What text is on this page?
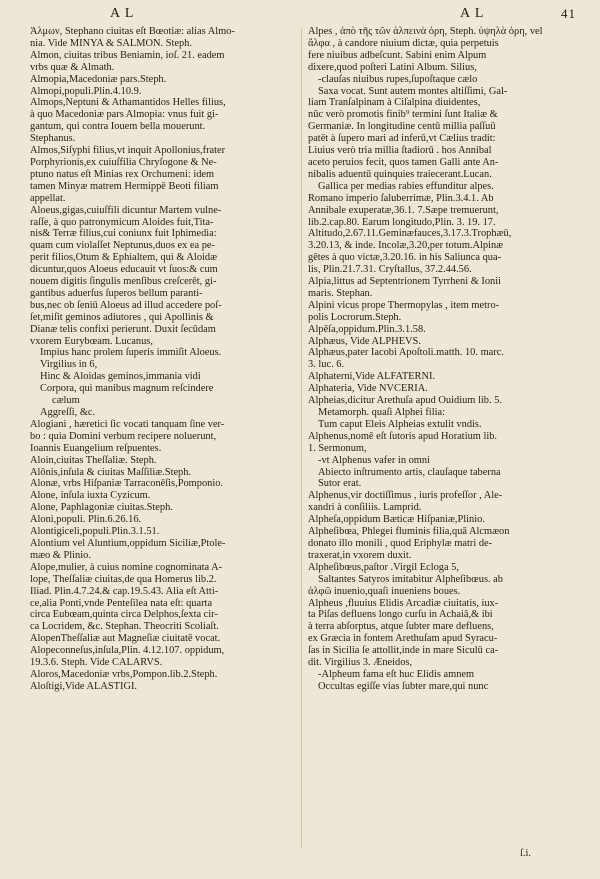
A L	A L	41
Ἀλμων, Stephano ciuitas eſt Bœotiæ: alias Almo-
nia. Vide MINYA & SALMON. Steph.
Almon, ciuitas tribus Beniamin, ioſ. 21. eadem
vrbs quæ & Almath.
Almopia,Macedoniæ pars.Steph.
Almopi,populi.Plin.4.10.9.
Almops,Neptuni & Athamantidos Helles filius,
à quo Macedoniæ pars Almopia: vnus fuit gi-
gantum, qui contra Iouem bella mouerunt.
Stephanus.
Almos,Siſyphi filius,vt inquit Apollonius,frater
Porphyrionis,ex cuiuſfilia Chryſogone & Ne-
ptuno natus eſt Minias rex Orchumeni: idem
tamen Minyæ matrem Hermippē Beoti filiam
appellat.
Aloeus,gigas,cuiuſfili dicuntur Martem vulne-
raſſe, à quo patronymicum Aloides fuit,Tita-
nis& Terræ filius,cui coniunx fuit Iphimedia:
quam cum violaſſet Neptunus,duos ex ea pe-
perit filios,Otum & Ephialtem, qui & Aloidæ
dicuntur,quos Aloeus educauit vt ſuos:& cum
nouem digitis ſingulis menſibus creſcerēt, gi-
gantibus aduerſus ſuperos bellum paranti-
bus,nec ob ſeniū Aloeus ad illud accedere poſ-
ſet,miſit geminos adiutores , qui Apollinis &
Dianæ telis confixi perierunt. Duxit ſecūdam
vxorem Eurybœam. Lucanus,
Impius hanc prolem ſuperis immiſit Aloeus.
Virgilius in 6,
Hinc & Aloidas geminos,immania vidi
Corpora, qui manibus magnum reſcindere
cælum
Aggreſſi, &c.
Alogiani , hæretici ſic vocati tanquam ſine ver-
bo : quia Domini verbum recipere noluerunt,
Ioannis Euangelium reſpuentes.
Aloin,ciuitas Theſſaliæ. Steph.
Alōnis,inſula & ciuitas Maſſiliæ.Steph.
Alonæ, vrbs Hiſpaniæ Tarraconēſis,Pomponio.
Alone, inſula iuxta Cyzicum.
Alone, Paphlagoniæ ciuitas.Steph.
Aloni,populi. Plin.6.26.16.
Alontigiceli,populi.Plin.3.1.51.
Alontium vel Aluntium,oppidum Siciliæ,Ptole-
mæo & Plinio.
Alope,mulier, à cuius nomine cognominata A-
lope, Theſſaliæ ciuitas,de qua Homerus lib.2.
Iliad. Plin.4.7.24.& cap.19.5.43. Alia eſt Atti-
ce,alia Ponti,vnde Penteſilea nata eſt: quarta
circa Eubœam,quinta circa Delphos,ſexta cir-
ca Locridem, &c. Stephan. Theocriti Scoliaſt.
AlopenTheſſaliæ aut Magneſiæ ciuitatē vocat.
Alopeconneſus,inſula,Plin. 4.12.107. oppidum,
19.3.6. Steph. Vide CALARVS.
Aloros,Macedoniæ vrbs,Pompon.lib.2.Steph.
Aloſtigi,Vide ALASTIGI.
Alpes , ἀπὸ τῆς τῶν ἀλπεινὰ ὀρη, Steph. ὑψηλὰ ὀρη, vel
ἄλφα , à candore niuium dictæ, quia perpetuis
fere niuibus adbeſcunt. Sabini enim Alpum
dixere,quod poſteri Latini Album. Silius,
-clauſas niuibus rupes,ſupoſtaque cælo
Saxa vocat. Sunt autem montes altiſſimi, Gal-
liam Tranſalpinam à Ciſalpina diuidentes,
nūc verò promotis finib⁹ termini ſunt Italiæ &
Germaniæ. In longitudine centū millia paſſuū
patēt à ſupero mari ad inferū,vt Cælius tradit:
Liuius verò tria millia ſtadiorū . hos Annibal
aceto peruios fecit, quos tamen Galli ante An-
nibalis aduentū quinquies traiecerant.Lucan.
Gallica per medias rabies effunditur alpes.
Romano imperio ſaluberrimæ, Plin.3.4.1. Ab
Annibale exuperatæ,36.1. 7.Sæpe tremuerunt,
lib.2.cap.80. Earum longitudo,Plin. 3. 19. 17.
Altitudo,2.67.11.Geminæfauces,3.17.3.Trophæū,
3.20.13, & inde. Incolæ,3.20,per totum.Alpinæ
gētes à quo victæ,3.20.16. in his Saliunca qua-
lis, Plin.21.7.31. Cryſtallus, 37.2.44.56.
Alpia,littus ad Septentrionem Tyrrheni & Ionii
maris. Stephan.
Alpini vicus prope Thermopylas , item metro-
polis Locrorum.Steph.
Alpēſa,oppidum.Plin.3.1.58.
Alphæus, Vide ALPHEVS.
Alphæus,pater Iacobi Apoſtoli.matth. 10. marc.
3. luc. 6.
Alphaterni,Vide ALFATERNI.
Alphateria, Vide NVCERIA.
Alpheias,dicitur Arethuſa apud Ouidium lib. 5.
Metamorph. quaſi Alphei filia:
Tum caput Eleis Alpheias extulit vndis.
Alphenus,nomē eſt ſutoris apud Horatium lib.
1. Sermonum,
-vt Alphenus vafer in omni
Abiecto inſtrumento artis, clauſaque taberna
Sutor erat.
Alphenus,vir doctiſſimus , iuris profeſſor , Ale-
xandri à conſiliis. Lamprid.
Alpheſa,oppidum Bæticæ Hiſpaniæ,Plinio.
Alpheſibœa, Phlegei fluminis filia,quā Alcmæon
donato illo monili , quod Eriphylæ matri de-
traxerat,in vxorem duxit.
Alpheſibœus,paſtor .Virgil Ecloga 5,
Saltantes Satyros imitabitur Alpheſibœus. ab
ἀλφῶ inuenio,quaſi inueniens boues.
Alpheus ,fluuius Elidis Arcadiæ ciuitatis, iux-
ta Piſas defluens longo curſu in Achaiā,& ibi
à terra abſorptus, atque ſubter mare defluens,
ex Græcia in fontem Arethuſam apud Syracu-
ſas in Sicilia ſe attollit,inde in mare Siculū ca-
dit. Virgilius 3. Æneidos,
-Alpheum fama eſt huc Elidis amnem
Occultas egiſſe vias ſubter mare,qui nunc
ſ.i.
